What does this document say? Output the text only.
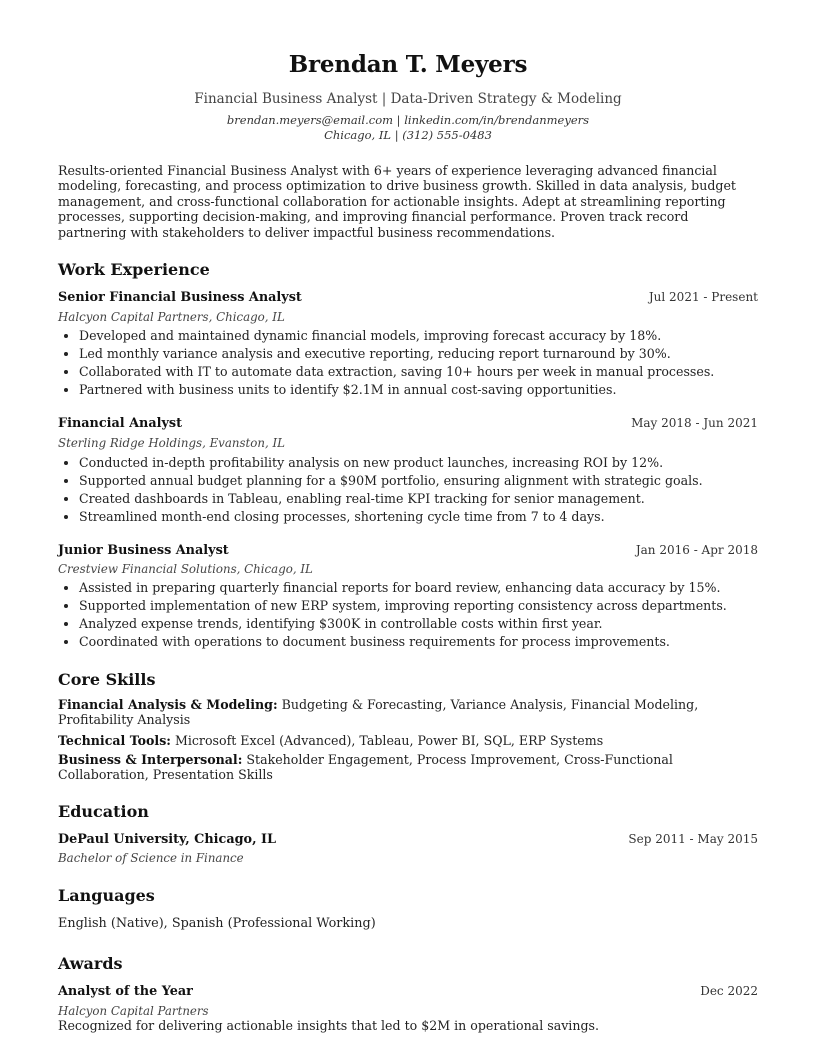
Brendan T. Meyers
Financial Business Analyst | Data-Driven Strategy & Modeling
brendan.meyers@email.com | linkedin.com/in/brendanmeyers
Chicago, IL | (312) 555-0483
Results-oriented Financial Business Analyst with 6+ years of experience leveraging advanced financial modeling, forecasting, and process optimization to drive business growth. Skilled in data analysis, budget management, and cross-functional collaboration for actionable insights. Adept at streamlining reporting processes, supporting decision-making, and improving financial performance. Proven track record partnering with stakeholders to deliver impactful business recommendations.
Work Experience
Senior Financial Business Analyst	Jul 2021 - Present
Halcyon Capital Partners, Chicago, IL
• Developed and maintained dynamic financial models, improving forecast accuracy by 18%.
• Led monthly variance analysis and executive reporting, reducing report turnaround by 30%.
• Collaborated with IT to automate data extraction, saving 10+ hours per week in manual processes.
• Partnered with business units to identify $2.1M in annual cost-saving opportunities.
Financial Analyst	May 2018 - Jun 2021
Sterling Ridge Holdings, Evanston, IL
• Conducted in-depth profitability analysis on new product launches, increasing ROI by 12%.
• Supported annual budget planning for a $90M portfolio, ensuring alignment with strategic goals.
• Created dashboards in Tableau, enabling real-time KPI tracking for senior management.
• Streamlined month-end closing processes, shortening cycle time from 7 to 4 days.
Junior Business Analyst	Jan 2016 - Apr 2018
Crestview Financial Solutions, Chicago, IL
• Assisted in preparing quarterly financial reports for board review, enhancing data accuracy by 15%.
• Supported implementation of new ERP system, improving reporting consistency across departments.
• Analyzed expense trends, identifying $300K in controllable costs within first year.
• Coordinated with operations to document business requirements for process improvements.
Core Skills
Financial Analysis & Modeling: Budgeting & Forecasting, Variance Analysis, Financial Modeling, Profitability Analysis
Technical Tools: Microsoft Excel (Advanced), Tableau, Power BI, SQL, ERP Systems
Business & Interpersonal: Stakeholder Engagement, Process Improvement, Cross-Functional Collaboration, Presentation Skills
Education
DePaul University, Chicago, IL	Sep 2011 - May 2015
Bachelor of Science in Finance
Languages
English (Native), Spanish (Professional Working)
Awards
Analyst of the Year	Dec 2022
Halcyon Capital Partners
Recognized for delivering actionable insights that led to $2M in operational savings.
